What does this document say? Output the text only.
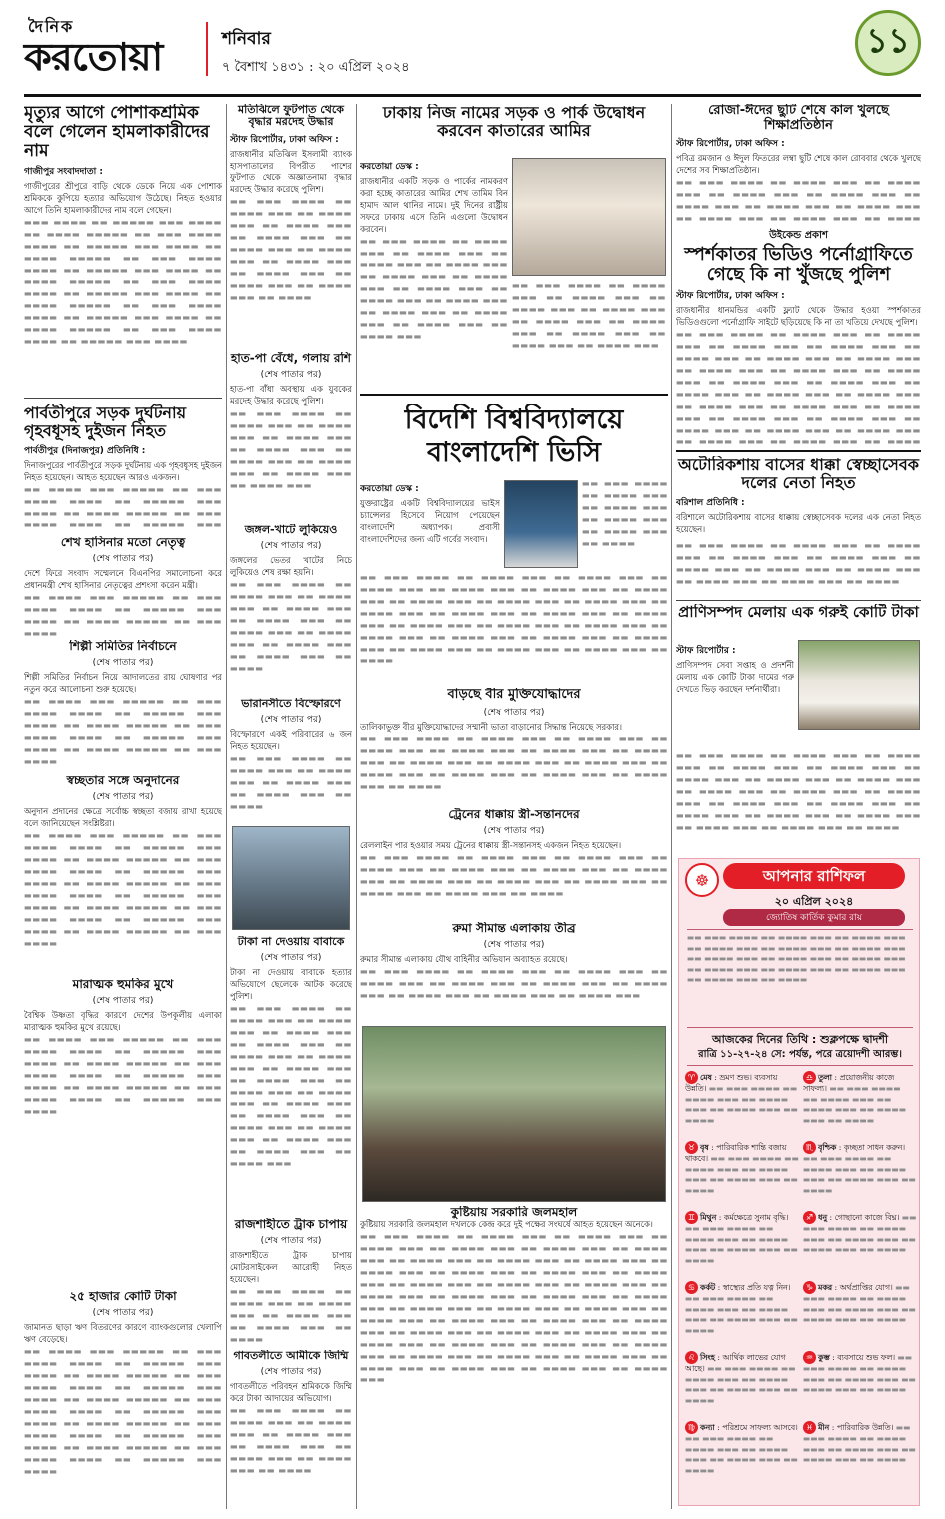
দৈনিক
করতোয়া	শনিবার
৭ বৈশাখ ১৪৩১ : ২০ এপ্রিল ২০২৪
১১
মৃত্যুর আগে পোশাকশ্রমিক বলে গেলেন হামলাকারীদের নাম
গাজীপুর সংবাদদাতা :
গাজীপুরের শ্রীপুরে বাড়ি থেকে ডেকে নিয়ে এক পোশাক শ্রমিককে কুপিয়ে হত্যার অভিযোগ উঠেছে। নিহত হওয়ার আগে তিনি হামলাকারীদের নাম বলে গেছেন।
▬▬▬ ▬▬▬▬ ▬▬ ▬▬▬▬▬ ▬▬▬ ▬▬▬▬ ▬▬ ▬▬▬▬ ▬▬▬▬▬ ▬▬ ▬▬▬ ▬▬▬▬ ▬▬▬▬ ▬▬ ▬▬▬▬▬ ▬▬▬ ▬▬▬▬ ▬▬ ▬▬▬▬ ▬▬▬▬▬ ▬▬ ▬▬▬ ▬▬▬▬ ▬▬▬▬ ▬▬ ▬▬▬▬▬ ▬▬▬ ▬▬▬▬ ▬▬ ▬▬▬▬ ▬▬▬▬▬ ▬▬ ▬▬▬ ▬▬▬▬ ▬▬▬▬ ▬▬ ▬▬▬▬▬ ▬▬▬ ▬▬▬▬ ▬▬ ▬▬▬▬ ▬▬▬▬▬ ▬▬ ▬▬▬ ▬▬▬▬ ▬▬▬▬ ▬▬ ▬▬▬▬▬ ▬▬▬ ▬▬▬▬ ▬▬ ▬▬▬▬ ▬▬▬▬▬ ▬▬ ▬▬▬ ▬▬▬▬ ▬▬▬▬ ▬▬ ▬▬▬▬▬ ▬▬▬ ▬▬▬▬
পার্বতীপুরে সড়ক দুর্ঘটনায় গৃহবধূসহ দুইজন নিহত
পার্বতীপুর (দিনাজপুর) প্রতিনিধি :
দিনাজপুরের পার্বতীপুরে সড়ক দুর্ঘটনায় এক গৃহবধূসহ দুইজন নিহত হয়েছেন। আহত হয়েছেন আরও একজন।
▬▬ ▬▬▬▬ ▬▬▬ ▬▬▬▬▬ ▬▬ ▬▬▬ ▬▬▬▬ ▬▬▬▬ ▬▬ ▬▬▬▬▬ ▬▬▬ ▬▬▬▬ ▬▬ ▬▬▬▬ ▬▬▬▬▬ ▬▬ ▬▬▬ ▬▬▬▬ ▬▬▬▬ ▬▬ ▬▬▬▬▬ ▬▬▬
শেখ হাসিনার মতো নেতৃত্ব
(শেষ পাতার পর)
দেশে ফিরে সংবাদ সম্মেলনে বিএনপির সমালোচনা করে প্রধানমন্ত্রী শেখ হাসিনার নেতৃত্বের প্রশংসা করেন মন্ত্রী।
▬▬ ▬▬▬▬ ▬▬▬ ▬▬▬▬▬ ▬▬ ▬▬▬ ▬▬▬▬ ▬▬▬▬ ▬▬ ▬▬▬▬▬ ▬▬▬ ▬▬▬▬ ▬▬ ▬▬▬▬ ▬▬▬▬▬ ▬▬ ▬▬▬ ▬▬▬▬
শিল্পী সমিতির নির্বাচনে
(শেষ পাতার পর)
শিল্পী সমিতির নির্বাচন নিয়ে আদালতের রায় ঘোষণার পর নতুন করে আলোচনা শুরু হয়েছে।
▬▬ ▬▬▬▬ ▬▬▬ ▬▬▬▬▬ ▬▬ ▬▬▬ ▬▬▬▬ ▬▬▬▬ ▬▬ ▬▬▬▬▬ ▬▬▬ ▬▬▬▬ ▬▬ ▬▬▬▬ ▬▬▬▬▬ ▬▬ ▬▬▬ ▬▬▬▬ ▬▬▬▬ ▬▬ ▬▬▬▬▬ ▬▬▬ ▬▬▬▬ ▬▬ ▬▬▬▬ ▬▬▬▬▬ ▬▬ ▬▬▬ ▬▬▬▬
স্বচ্ছতার সঙ্গে অনুদানের
(শেষ পাতার পর)
অনুদান প্রদানের ক্ষেত্রে সর্বোচ্চ স্বচ্ছতা বজায় রাখা হয়েছে বলে জানিয়েছেন সংশ্লিষ্টরা।
▬▬ ▬▬▬▬ ▬▬▬ ▬▬▬▬▬ ▬▬ ▬▬▬ ▬▬▬▬ ▬▬▬▬ ▬▬ ▬▬▬▬▬ ▬▬▬ ▬▬▬▬ ▬▬ ▬▬▬▬ ▬▬▬▬▬ ▬▬ ▬▬▬ ▬▬▬▬ ▬▬▬▬ ▬▬ ▬▬▬▬▬ ▬▬▬ ▬▬▬▬ ▬▬ ▬▬▬▬ ▬▬▬▬▬ ▬▬ ▬▬▬ ▬▬▬▬ ▬▬▬▬ ▬▬ ▬▬▬▬▬ ▬▬▬ ▬▬▬▬ ▬▬ ▬▬▬▬ ▬▬▬▬▬ ▬▬ ▬▬▬ ▬▬▬▬ ▬▬▬▬ ▬▬ ▬▬▬▬▬ ▬▬▬ ▬▬▬▬ ▬▬ ▬▬▬▬ ▬▬▬▬▬ ▬▬ ▬▬▬ ▬▬▬▬
মারাত্মক হুমকির মুখে
(শেষ পাতার পর)
বৈশ্বিক উষ্ণতা বৃদ্ধির কারণে দেশের উপকূলীয় এলাকা মারাত্মক হুমকির মুখে রয়েছে।
▬▬ ▬▬▬▬ ▬▬▬ ▬▬▬▬▬ ▬▬ ▬▬▬ ▬▬▬▬ ▬▬▬▬ ▬▬ ▬▬▬▬▬ ▬▬▬ ▬▬▬▬ ▬▬ ▬▬▬▬ ▬▬▬▬▬ ▬▬ ▬▬▬ ▬▬▬▬ ▬▬▬▬ ▬▬ ▬▬▬▬▬ ▬▬▬ ▬▬▬▬ ▬▬ ▬▬▬▬ ▬▬▬▬▬ ▬▬ ▬▬▬ ▬▬▬▬ ▬▬▬▬ ▬▬ ▬▬▬▬▬ ▬▬▬ ▬▬▬▬
২৫ হাজার কোটি টাকা
(শেষ পাতার পর)
জামানত ছাড়া ঋণ বিতরণের কারণে ব্যাংকগুলোর খেলাপি ঋণ বেড়েছে।
▬▬ ▬▬▬▬ ▬▬▬ ▬▬▬▬▬ ▬▬ ▬▬▬ ▬▬▬▬ ▬▬▬▬ ▬▬ ▬▬▬▬▬ ▬▬▬ ▬▬▬▬ ▬▬ ▬▬▬▬ ▬▬▬▬▬ ▬▬ ▬▬▬ ▬▬▬▬ ▬▬▬▬ ▬▬ ▬▬▬▬▬ ▬▬▬ ▬▬▬▬ ▬▬ ▬▬▬▬ ▬▬▬▬▬ ▬▬ ▬▬▬ ▬▬▬▬ ▬▬▬▬ ▬▬ ▬▬▬▬▬ ▬▬▬ ▬▬▬▬ ▬▬ ▬▬▬▬ ▬▬▬▬▬ ▬▬ ▬▬▬ ▬▬▬▬ ▬▬▬▬ ▬▬ ▬▬▬▬▬ ▬▬▬ ▬▬▬▬ ▬▬ ▬▬▬▬ ▬▬▬▬▬ ▬▬ ▬▬▬ ▬▬▬▬ ▬▬▬▬ ▬▬ ▬▬▬▬▬ ▬▬▬ ▬▬▬▬
মতিঝিলে ফুটপাত থেকে বৃদ্ধার মরদেহ উদ্ধার
স্টাফ রিপোর্টার, ঢাকা অফিস :
রাজধানীর মতিঝিল ইসলামী ব্যাংক হাসপাতালের বিপরীত পাশের ফুটপাত থেকে অজ্ঞাতনামা বৃদ্ধার মরদেহ উদ্ধার করেছে পুলিশ।
▬▬ ▬▬▬ ▬▬▬▬ ▬▬ ▬▬▬▬ ▬▬▬ ▬▬ ▬▬▬▬ ▬▬▬ ▬▬ ▬▬▬▬ ▬▬▬ ▬▬ ▬▬▬▬ ▬▬▬ ▬▬ ▬▬▬▬ ▬▬▬ ▬▬ ▬▬▬▬ ▬▬▬ ▬▬ ▬▬▬▬ ▬▬▬ ▬▬ ▬▬▬▬ ▬▬▬ ▬▬ ▬▬▬▬ ▬▬▬ ▬▬ ▬▬▬▬ ▬▬▬ ▬▬ ▬▬▬▬
হাত-পা বেঁধে, গলায় রশি
(শেষ পাতার পর)
হাত-পা বাঁধা অবস্থায় এক যুবকের মরদেহ উদ্ধার করেছে পুলিশ।
▬▬ ▬▬▬ ▬▬▬▬ ▬▬ ▬▬▬▬ ▬▬▬ ▬▬ ▬▬▬▬ ▬▬▬ ▬▬ ▬▬▬▬ ▬▬▬ ▬▬ ▬▬▬▬ ▬▬▬ ▬▬ ▬▬▬▬ ▬▬▬ ▬▬ ▬▬▬▬ ▬▬▬ ▬▬ ▬▬▬▬ ▬▬▬ ▬▬ ▬▬▬▬ ▬▬▬
জঙ্গল-খাটে লুকিয়েও
(শেষ পাতার পর)
জঙ্গলের ভেতর খাটের নিচে লুকিয়েও শেষ রক্ষা হয়নি।
▬▬ ▬▬▬ ▬▬▬▬ ▬▬ ▬▬▬▬ ▬▬▬ ▬▬ ▬▬▬▬ ▬▬▬ ▬▬ ▬▬▬▬ ▬▬▬ ▬▬ ▬▬▬▬ ▬▬▬ ▬▬ ▬▬▬▬ ▬▬▬ ▬▬ ▬▬▬▬ ▬▬▬ ▬▬ ▬▬▬▬ ▬▬▬ ▬▬ ▬▬▬▬ ▬▬▬ ▬▬ ▬▬▬▬
ভারানসীতে বিস্ফোরণে
(শেষ পাতার পর)
বিস্ফোরণে একই পরিবারের ৬ জন নিহত হয়েছেন।
▬▬ ▬▬▬ ▬▬▬▬ ▬▬ ▬▬▬▬ ▬▬▬ ▬▬ ▬▬▬▬ ▬▬▬ ▬▬ ▬▬▬▬ ▬▬▬ ▬▬ ▬▬▬▬ ▬▬▬ ▬▬ ▬▬▬▬
টাকা না দেওয়ায় বাবাকে
(শেষ পাতার পর)
টাকা না দেওয়ায় বাবাকে হত্যার অভিযোগে ছেলেকে আটক করেছে পুলিশ।
▬▬ ▬▬▬ ▬▬▬▬ ▬▬ ▬▬▬▬ ▬▬▬ ▬▬ ▬▬▬▬ ▬▬▬ ▬▬ ▬▬▬▬ ▬▬▬ ▬▬ ▬▬▬▬ ▬▬▬ ▬▬ ▬▬▬▬ ▬▬▬ ▬▬ ▬▬▬▬ ▬▬▬ ▬▬ ▬▬▬▬ ▬▬▬ ▬▬ ▬▬▬▬ ▬▬▬ ▬▬ ▬▬▬▬ ▬▬▬ ▬▬ ▬▬▬▬ ▬▬▬ ▬▬ ▬▬▬▬ ▬▬▬ ▬▬ ▬▬▬▬ ▬▬▬ ▬▬ ▬▬▬▬ ▬▬▬ ▬▬ ▬▬▬▬ ▬▬▬ ▬▬ ▬▬▬▬ ▬▬▬ ▬▬ ▬▬▬▬ ▬▬▬ ▬▬ ▬▬▬▬ ▬▬▬
রাজশাহীতে ট্রাক চাপায়
(শেষ পাতার পর)
রাজশাহীতে ট্রাক চাপায় মোটরসাইকেল আরোহী নিহত হয়েছেন।
▬▬ ▬▬▬ ▬▬▬▬ ▬▬ ▬▬▬▬ ▬▬▬ ▬▬ ▬▬▬▬ ▬▬▬ ▬▬ ▬▬▬▬ ▬▬▬ ▬▬ ▬▬▬▬ ▬▬▬ ▬▬ ▬▬▬▬
গাবতলীতে আমীকে জিম্মি
(শেষ পাতার পর)
গাবতলীতে পরিবহন শ্রমিককে জিম্মি করে টাকা আদায়ের অভিযোগ।
▬▬ ▬▬▬ ▬▬▬▬ ▬▬ ▬▬▬▬ ▬▬▬ ▬▬ ▬▬▬▬ ▬▬▬ ▬▬ ▬▬▬▬ ▬▬▬ ▬▬ ▬▬▬▬ ▬▬▬ ▬▬ ▬▬▬▬ ▬▬▬ ▬▬ ▬▬▬▬ ▬▬▬ ▬▬ ▬▬▬▬
ঢাকায় নিজ নামের সড়ক ও পার্ক উদ্বোধন করবেন কাতারের আমির
করতোয়া ডেস্ক :
রাজধানীর একটি সড়ক ও পার্কের নামকরণ করা হচ্ছে কাতারের আমির শেখ তামিম বিন হামাদ আল থানির নামে। দুই দিনের রাষ্ট্রীয় সফরে ঢাকায় এসে তিনি এগুলো উদ্বোধন করবেন।
▬▬ ▬▬▬ ▬▬▬▬ ▬▬ ▬▬▬▬ ▬▬▬ ▬▬ ▬▬▬▬ ▬▬▬ ▬▬ ▬▬▬▬ ▬▬▬ ▬▬ ▬▬▬▬ ▬▬▬ ▬▬ ▬▬▬▬ ▬▬▬ ▬▬ ▬▬▬▬ ▬▬▬ ▬▬ ▬▬▬▬ ▬▬▬ ▬▬ ▬▬▬▬ ▬▬▬ ▬▬ ▬▬▬▬ ▬▬▬ ▬▬ ▬▬▬▬ ▬▬▬ ▬▬ ▬▬▬▬ ▬▬▬ ▬▬ ▬▬▬▬ ▬▬▬ ▬▬ ▬▬▬▬ ▬▬▬
▬▬ ▬▬▬ ▬▬▬▬ ▬▬ ▬▬▬▬ ▬▬▬ ▬▬ ▬▬▬▬ ▬▬▬ ▬▬ ▬▬▬▬ ▬▬▬ ▬▬ ▬▬▬▬ ▬▬▬ ▬▬ ▬▬▬▬ ▬▬▬ ▬▬ ▬▬▬▬ ▬▬▬ ▬▬ ▬▬▬▬ ▬▬▬ ▬▬ ▬▬▬▬ ▬▬▬ ▬▬ ▬▬▬▬ ▬▬▬
বিদেশি বিশ্ববিদ্যালয়ে বাংলাদেশি ভিসি
করতোয়া ডেস্ক :
যুক্তরাষ্ট্রের একটি বিশ্ববিদ্যালয়ের ভাইস চ্যান্সেলর হিসেবে নিয়োগ পেয়েছেন বাংলাদেশি অধ্যাপক। প্রবাসী বাংলাদেশিদের জন্য এটি গর্বের সংবাদ।
▬▬ ▬▬▬ ▬▬▬▬ ▬▬ ▬▬▬▬ ▬▬▬ ▬▬ ▬▬▬▬ ▬▬▬ ▬▬ ▬▬▬▬ ▬▬▬ ▬▬ ▬▬▬▬ ▬▬▬ ▬▬ ▬▬▬▬
▬▬ ▬▬▬ ▬▬▬▬ ▬▬ ▬▬▬▬ ▬▬▬ ▬▬ ▬▬▬▬ ▬▬▬ ▬▬ ▬▬▬▬ ▬▬▬ ▬▬ ▬▬▬▬ ▬▬▬ ▬▬ ▬▬▬▬ ▬▬▬ ▬▬ ▬▬▬▬ ▬▬▬ ▬▬ ▬▬▬▬ ▬▬▬ ▬▬ ▬▬▬▬ ▬▬▬ ▬▬ ▬▬▬▬ ▬▬▬ ▬▬ ▬▬▬▬ ▬▬▬ ▬▬ ▬▬▬▬ ▬▬▬ ▬▬ ▬▬▬▬ ▬▬▬ ▬▬ ▬▬▬▬ ▬▬▬ ▬▬ ▬▬▬▬ ▬▬▬ ▬▬ ▬▬▬▬ ▬▬▬ ▬▬ ▬▬▬▬ ▬▬▬ ▬▬ ▬▬▬▬ ▬▬▬ ▬▬ ▬▬▬▬ ▬▬▬ ▬▬ ▬▬▬▬ ▬▬▬ ▬▬ ▬▬▬▬ ▬▬▬ ▬▬ ▬▬▬▬ ▬▬▬ ▬▬ ▬▬▬▬ ▬▬▬ ▬▬ ▬▬▬▬ ▬▬▬ ▬▬ ▬▬▬▬
বাড়ছে বীর মুক্তিযোদ্ধাদের
(শেষ পাতার পর)
তালিকাভুক্ত বীর মুক্তিযোদ্ধাদের সম্মানী ভাতা বাড়ানোর সিদ্ধান্ত নিয়েছে সরকার।
▬▬ ▬▬▬ ▬▬▬▬ ▬▬ ▬▬▬▬ ▬▬▬ ▬▬ ▬▬▬▬ ▬▬▬ ▬▬ ▬▬▬▬ ▬▬▬ ▬▬ ▬▬▬▬ ▬▬▬ ▬▬ ▬▬▬▬ ▬▬▬ ▬▬ ▬▬▬▬ ▬▬▬ ▬▬ ▬▬▬▬ ▬▬▬ ▬▬ ▬▬▬▬ ▬▬▬ ▬▬ ▬▬▬▬ ▬▬▬ ▬▬ ▬▬▬▬ ▬▬▬ ▬▬ ▬▬▬▬ ▬▬▬ ▬▬ ▬▬▬▬ ▬▬▬ ▬▬ ▬▬▬▬ ▬▬▬ ▬▬ ▬▬▬▬
ট্রেনের ধাক্কায় স্ত্রী-সন্তানদের
(শেষ পাতার পর)
রেললাইন পার হওয়ার সময় ট্রেনের ধাক্কায় স্ত্রী-সন্তানসহ একজন নিহত হয়েছেন।
▬▬ ▬▬▬ ▬▬▬▬ ▬▬ ▬▬▬▬ ▬▬▬ ▬▬ ▬▬▬▬ ▬▬▬ ▬▬ ▬▬▬▬ ▬▬▬ ▬▬ ▬▬▬▬ ▬▬▬ ▬▬ ▬▬▬▬ ▬▬▬ ▬▬ ▬▬▬▬ ▬▬▬ ▬▬ ▬▬▬▬ ▬▬▬ ▬▬ ▬▬▬▬ ▬▬▬ ▬▬ ▬▬▬▬ ▬▬▬ ▬▬ ▬▬▬▬ ▬▬▬ ▬▬ ▬▬▬▬ ▬▬▬ ▬▬ ▬▬▬▬
রুমা সীমান্ত এলাকায় তীব্র
(শেষ পাতার পর)
রুমার সীমান্ত এলাকায় যৌথ বাহিনীর অভিযান অব্যাহত রয়েছে।
▬▬ ▬▬▬ ▬▬▬▬ ▬▬ ▬▬▬▬ ▬▬▬ ▬▬ ▬▬▬▬ ▬▬▬ ▬▬ ▬▬▬▬ ▬▬▬ ▬▬ ▬▬▬▬ ▬▬▬ ▬▬ ▬▬▬▬ ▬▬▬ ▬▬ ▬▬▬▬ ▬▬▬ ▬▬ ▬▬▬▬ ▬▬▬ ▬▬ ▬▬▬▬ ▬▬▬ ▬▬ ▬▬▬▬ ▬▬▬
কুষ্টিয়ায় সরকারি জলমহাল
কুষ্টিয়ায় সরকারি জলমহাল দখলকে কেন্দ্র করে দুই পক্ষের সংঘর্ষে আহত হয়েছেন অনেকে।
▬▬ ▬▬▬ ▬▬▬▬ ▬▬ ▬▬▬▬ ▬▬▬ ▬▬ ▬▬▬▬ ▬▬▬ ▬▬ ▬▬▬▬ ▬▬▬ ▬▬ ▬▬▬▬ ▬▬▬ ▬▬ ▬▬▬▬ ▬▬▬ ▬▬ ▬▬▬▬ ▬▬▬ ▬▬ ▬▬▬▬ ▬▬▬ ▬▬ ▬▬▬▬ ▬▬▬ ▬▬ ▬▬▬▬ ▬▬▬ ▬▬ ▬▬▬▬ ▬▬▬ ▬▬ ▬▬▬▬ ▬▬▬ ▬▬ ▬▬▬▬ ▬▬▬ ▬▬ ▬▬▬▬ ▬▬▬ ▬▬ ▬▬▬▬ ▬▬▬ ▬▬ ▬▬▬▬ ▬▬▬ ▬▬ ▬▬▬▬ ▬▬▬ ▬▬ ▬▬▬▬ ▬▬▬ ▬▬ ▬▬▬▬ ▬▬▬ ▬▬ ▬▬▬▬ ▬▬▬ ▬▬ ▬▬▬▬ ▬▬▬ ▬▬ ▬▬▬▬ ▬▬▬ ▬▬ ▬▬▬▬ ▬▬▬ ▬▬ ▬▬▬▬ ▬▬▬ ▬▬ ▬▬▬▬ ▬▬▬ ▬▬ ▬▬▬▬ ▬▬▬ ▬▬ ▬▬▬▬ ▬▬▬ ▬▬ ▬▬▬▬ ▬▬▬ ▬▬ ▬▬▬▬ ▬▬▬ ▬▬ ▬▬▬▬ ▬▬▬ ▬▬ ▬▬▬▬ ▬▬▬ ▬▬ ▬▬▬▬ ▬▬▬ ▬▬ ▬▬▬▬ ▬▬▬ ▬▬ ▬▬▬▬ ▬▬▬ ▬▬ ▬▬▬▬ ▬▬▬ ▬▬ ▬▬▬▬ ▬▬▬ ▬▬ ▬▬▬▬ ▬▬▬ ▬▬ ▬▬▬▬ ▬▬▬ ▬▬ ▬▬▬▬ ▬▬▬ ▬▬ ▬▬▬▬ ▬▬▬ ▬▬ ▬▬▬▬ ▬▬▬ ▬▬ ▬▬▬▬ ▬▬▬
রোজা-ঈদের ছুটি শেষে কাল খুলছে শিক্ষাপ্রতিষ্ঠান
স্টাফ রিপোর্টার, ঢাকা অফিস :
পবিত্র রমজান ও ঈদুল ফিতরের লম্বা ছুটি শেষে কাল রোববার থেকে খুলছে দেশের সব শিক্ষাপ্রতিষ্ঠান।
▬▬ ▬▬▬ ▬▬▬▬ ▬▬ ▬▬▬▬ ▬▬▬ ▬▬ ▬▬▬▬ ▬▬▬ ▬▬ ▬▬▬▬ ▬▬▬ ▬▬ ▬▬▬▬ ▬▬▬ ▬▬ ▬▬▬▬ ▬▬▬ ▬▬ ▬▬▬▬ ▬▬▬ ▬▬ ▬▬▬▬ ▬▬▬ ▬▬ ▬▬▬▬ ▬▬▬ ▬▬ ▬▬▬▬ ▬▬▬ ▬▬ ▬▬▬▬
উইকেন্ড প্রকাশ
স্পর্শকাতর ভিডিও পর্নোগ্রাফিতে গেছে কি না খুঁজছে পুলিশ
স্টাফ রিপোর্টার, ঢাকা অফিস :
রাজধানীর ধানমন্ডির একটি ফ্ল্যাট থেকে উদ্ধার হওয়া স্পর্শকাতর ভিডিওগুলো পর্নোগ্রাফি সাইটে ছড়িয়েছে কি না তা খতিয়ে দেখছে পুলিশ।
▬▬ ▬▬▬ ▬▬▬▬ ▬▬ ▬▬▬▬ ▬▬▬ ▬▬ ▬▬▬▬ ▬▬▬ ▬▬ ▬▬▬▬ ▬▬▬ ▬▬ ▬▬▬▬ ▬▬▬ ▬▬ ▬▬▬▬ ▬▬▬ ▬▬ ▬▬▬▬ ▬▬▬ ▬▬ ▬▬▬▬ ▬▬▬ ▬▬ ▬▬▬▬ ▬▬▬ ▬▬ ▬▬▬▬ ▬▬▬ ▬▬ ▬▬▬▬ ▬▬▬ ▬▬ ▬▬▬▬ ▬▬▬ ▬▬ ▬▬▬▬ ▬▬▬ ▬▬ ▬▬▬▬ ▬▬▬ ▬▬ ▬▬▬▬ ▬▬▬ ▬▬ ▬▬▬▬ ▬▬▬ ▬▬ ▬▬▬▬ ▬▬▬ ▬▬ ▬▬▬▬ ▬▬▬ ▬▬ ▬▬▬▬ ▬▬▬ ▬▬ ▬▬▬▬ ▬▬▬ ▬▬ ▬▬▬▬ ▬▬▬ ▬▬ ▬▬▬▬ ▬▬▬ ▬▬ ▬▬▬▬ ▬▬▬ ▬▬ ▬▬▬▬ ▬▬▬ ▬▬ ▬▬▬▬ ▬▬▬ ▬▬ ▬▬▬▬ ▬▬▬ ▬▬ ▬▬▬▬
অটোরিকশায় বাসের ধাক্কা স্বেচ্ছাসেবক দলের নেতা নিহত
বরিশাল প্রতিনিধি :
বরিশালে অটোরিকশায় বাসের ধাক্কায় স্বেচ্ছাসেবক দলের এক নেতা নিহত হয়েছেন।
▬▬ ▬▬▬ ▬▬▬▬ ▬▬ ▬▬▬▬ ▬▬▬ ▬▬ ▬▬▬▬ ▬▬▬ ▬▬ ▬▬▬▬ ▬▬▬ ▬▬ ▬▬▬▬ ▬▬▬ ▬▬ ▬▬▬▬ ▬▬▬ ▬▬ ▬▬▬▬ ▬▬▬ ▬▬ ▬▬▬▬ ▬▬▬ ▬▬ ▬▬▬▬ ▬▬▬ ▬▬ ▬▬▬▬ ▬▬▬ ▬▬ ▬▬▬▬
প্রাণিসম্পদ মেলায় এক গরুই কোটি টাকা
স্টাফ রিপোর্টার :
প্রাণিসম্পদ সেবা সপ্তাহ ও প্রদর্শনী মেলায় এক কোটি টাকা দামের গরু দেখতে ভিড় করছেন দর্শনার্থীরা।
▬▬ ▬▬▬ ▬▬▬▬ ▬▬ ▬▬▬▬ ▬▬▬ ▬▬ ▬▬▬▬ ▬▬▬ ▬▬ ▬▬▬▬ ▬▬▬ ▬▬ ▬▬▬▬ ▬▬▬ ▬▬ ▬▬▬▬ ▬▬▬ ▬▬ ▬▬▬▬ ▬▬▬ ▬▬ ▬▬▬▬ ▬▬▬ ▬▬ ▬▬▬▬ ▬▬▬ ▬▬ ▬▬▬▬ ▬▬▬ ▬▬ ▬▬▬▬ ▬▬▬ ▬▬ ▬▬▬▬ ▬▬▬ ▬▬ ▬▬▬▬ ▬▬▬ ▬▬ ▬▬▬▬ ▬▬▬ ▬▬ ▬▬▬▬ ▬▬▬ ▬▬ ▬▬▬▬ ▬▬▬ ▬▬ ▬▬▬▬ ▬▬▬ ▬▬ ▬▬▬▬ ▬▬▬ ▬▬ ▬▬▬▬
☸	আপনার রাশিফল
২০ এপ্রিল ২০২৪
জ্যোতিষ কার্তিক কুমার রায়
▬▬ ▬▬▬ ▬▬▬▬ ▬▬ ▬▬▬▬ ▬▬▬ ▬▬ ▬▬▬▬ ▬▬▬ ▬▬ ▬▬▬▬ ▬▬▬ ▬▬ ▬▬▬▬ ▬▬▬ ▬▬ ▬▬▬▬ ▬▬▬ ▬▬ ▬▬▬▬ ▬▬▬ ▬▬ ▬▬▬▬ ▬▬▬ ▬▬ ▬▬▬▬ ▬▬▬ ▬▬ ▬▬▬▬ ▬▬▬ ▬▬ ▬▬▬▬ ▬▬▬ ▬▬ ▬▬▬▬ ▬▬▬ ▬▬ ▬▬▬▬ ▬▬▬ ▬▬ ▬▬▬▬
আজকের দিনের তিথি : শুক্লপক্ষে দ্বাদশী
রাত্রি ১১-২৭-২৪ সে: পর্যন্ত, পরে ত্রয়োদশী আরম্ভ।
♈ মেষ : ভ্রমণ শুভ। ব্যবসায় উন্নতি। ▬▬ ▬▬▬ ▬▬▬▬ ▬▬ ▬▬▬▬ ▬▬▬ ▬▬ ▬▬▬▬ ▬▬▬ ▬▬ ▬▬▬▬ ▬▬▬ ▬▬ ▬▬▬▬
♉ বৃষ : পারিবারিক শান্তি বজায় থাকবে। ▬▬ ▬▬▬ ▬▬▬▬ ▬▬ ▬▬▬▬ ▬▬▬ ▬▬ ▬▬▬▬ ▬▬▬ ▬▬ ▬▬▬▬ ▬▬▬ ▬▬ ▬▬▬▬
♊ মিথুন : কর্মক্ষেত্রে সুনাম বৃদ্ধি। ▬▬ ▬▬▬ ▬▬▬▬ ▬▬ ▬▬▬▬ ▬▬▬ ▬▬ ▬▬▬▬ ▬▬▬ ▬▬ ▬▬▬▬ ▬▬▬ ▬▬ ▬▬▬▬
♋ কর্কট : স্বাস্থ্যের প্রতি যত্ন নিন। ▬▬ ▬▬▬ ▬▬▬▬ ▬▬ ▬▬▬▬ ▬▬▬ ▬▬ ▬▬▬▬ ▬▬▬ ▬▬ ▬▬▬▬ ▬▬▬ ▬▬ ▬▬▬▬
♌ সিংহ : আর্থিক লাভের যোগ আছে। ▬▬ ▬▬▬ ▬▬▬▬ ▬▬ ▬▬▬▬ ▬▬▬ ▬▬ ▬▬▬▬ ▬▬▬ ▬▬ ▬▬▬▬ ▬▬▬ ▬▬ ▬▬▬▬
♍ কন্যা : পরিশ্রমে সাফল্য আসবে। ▬▬ ▬▬▬ ▬▬▬▬ ▬▬ ▬▬▬▬ ▬▬▬ ▬▬ ▬▬▬▬ ▬▬▬ ▬▬ ▬▬▬▬ ▬▬▬ ▬▬ ▬▬▬▬
♎ তুলা : প্রয়োজনীয় কাজে সাফল্য। ▬▬ ▬▬▬ ▬▬▬▬ ▬▬ ▬▬▬▬ ▬▬▬ ▬▬ ▬▬▬▬ ▬▬▬ ▬▬ ▬▬▬▬ ▬▬▬ ▬▬ ▬▬▬▬
♏ বৃশ্চিক : কৃচ্ছতা সাধন করুন। ▬▬ ▬▬▬ ▬▬▬▬ ▬▬ ▬▬▬▬ ▬▬▬ ▬▬ ▬▬▬▬ ▬▬▬ ▬▬ ▬▬▬▬ ▬▬▬ ▬▬ ▬▬▬▬
♐ ধনু : গোছানো কাজে বিঘ্ন। ▬▬ ▬▬▬ ▬▬▬▬ ▬▬ ▬▬▬▬ ▬▬▬ ▬▬ ▬▬▬▬ ▬▬▬ ▬▬ ▬▬▬▬ ▬▬▬ ▬▬ ▬▬▬▬
♑ মকর : অর্থপ্রাপ্তির যোগ। ▬▬ ▬▬▬ ▬▬▬▬ ▬▬ ▬▬▬▬ ▬▬▬ ▬▬ ▬▬▬▬ ▬▬▬ ▬▬ ▬▬▬▬ ▬▬▬ ▬▬ ▬▬▬▬
♒ কুম্ভ : ব্যবসায়ে শুভ ফল। ▬▬ ▬▬▬ ▬▬▬▬ ▬▬ ▬▬▬▬ ▬▬▬ ▬▬ ▬▬▬▬ ▬▬▬ ▬▬ ▬▬▬▬ ▬▬▬ ▬▬ ▬▬▬▬
♓ মীন : পারিবারিক উন্নতি। ▬▬ ▬▬▬ ▬▬▬▬ ▬▬ ▬▬▬▬ ▬▬▬ ▬▬ ▬▬▬▬ ▬▬▬ ▬▬ ▬▬▬▬ ▬▬▬ ▬▬ ▬▬▬▬
